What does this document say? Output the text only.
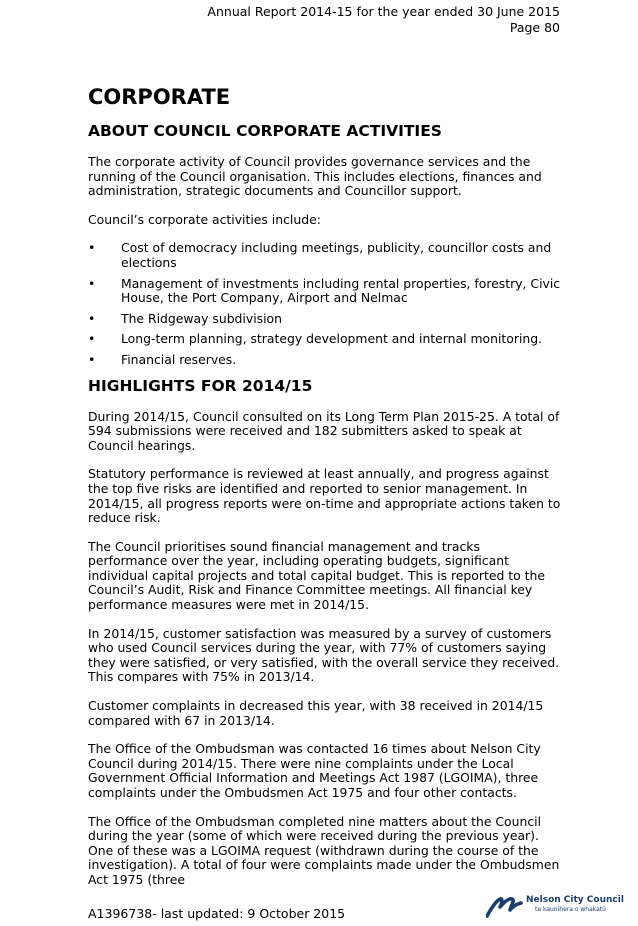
Annual Report 2014-15 for the year ended 30 June 2015
Page 80
CORPORATE
ABOUT COUNCIL CORPORATE ACTIVITIES

The corporate activity of Council provides governance services and the running of the Council organisation. This includes elections, finances and administration, strategic documents and Councillor support.

Council’s corporate activities include:

• Cost of democracy including meetings, publicity, councillor costs and elections
• Management of investments including rental properties, forestry, Civic House, the Port Company, Airport and Nelmac
• The Ridgeway subdivision
• Long-term planning, strategy development and internal monitoring.
• Financial reserves.
HIGHLIGHTS FOR 2014/15

During 2014/15, Council consulted on its Long Term Plan 2015-25. A total of 594 submissions were received and 182 submitters asked to speak at Council hearings.

Statutory performance is reviewed at least annually, and progress against the top five risks are identified and reported to senior management. In 2014/15, all progress reports were on-time and appropriate actions taken to reduce risk.

The Council prioritises sound financial management and tracks performance over the year, including operating budgets, significant individual capital projects and total capital budget. This is reported to the Council’s Audit, Risk and Finance Committee meetings. All financial key performance measures were met in 2014/15.

In 2014/15, customer satisfaction was measured by a survey of customers who used Council services during the year, with 77% of customers saying they were satisfied, or very satisfied, with the overall service they received. This compares with 75% in 2013/14.

Customer complaints in decreased this year, with 38 received in 2014/15 compared with 67 in 2013/14.

The Office of the Ombudsman was contacted 16 times about Nelson City Council during 2014/15. There were nine complaints under the Local Government Official Information and Meetings Act 1987 (LGOIMA), three complaints under the Ombudsmen Act 1975 and four other contacts.

The Office of the Ombudsman completed nine matters about the Council during the year (some of which were received during the previous year). One of these was a LGOIMA request (withdrawn during the course of the investigation). A total of four were complaints made under the Ombudsmen Act 1975 (three

A1396738- last updated: 9 October 2015
Nelson City Council
te kaunihera o whakatū
